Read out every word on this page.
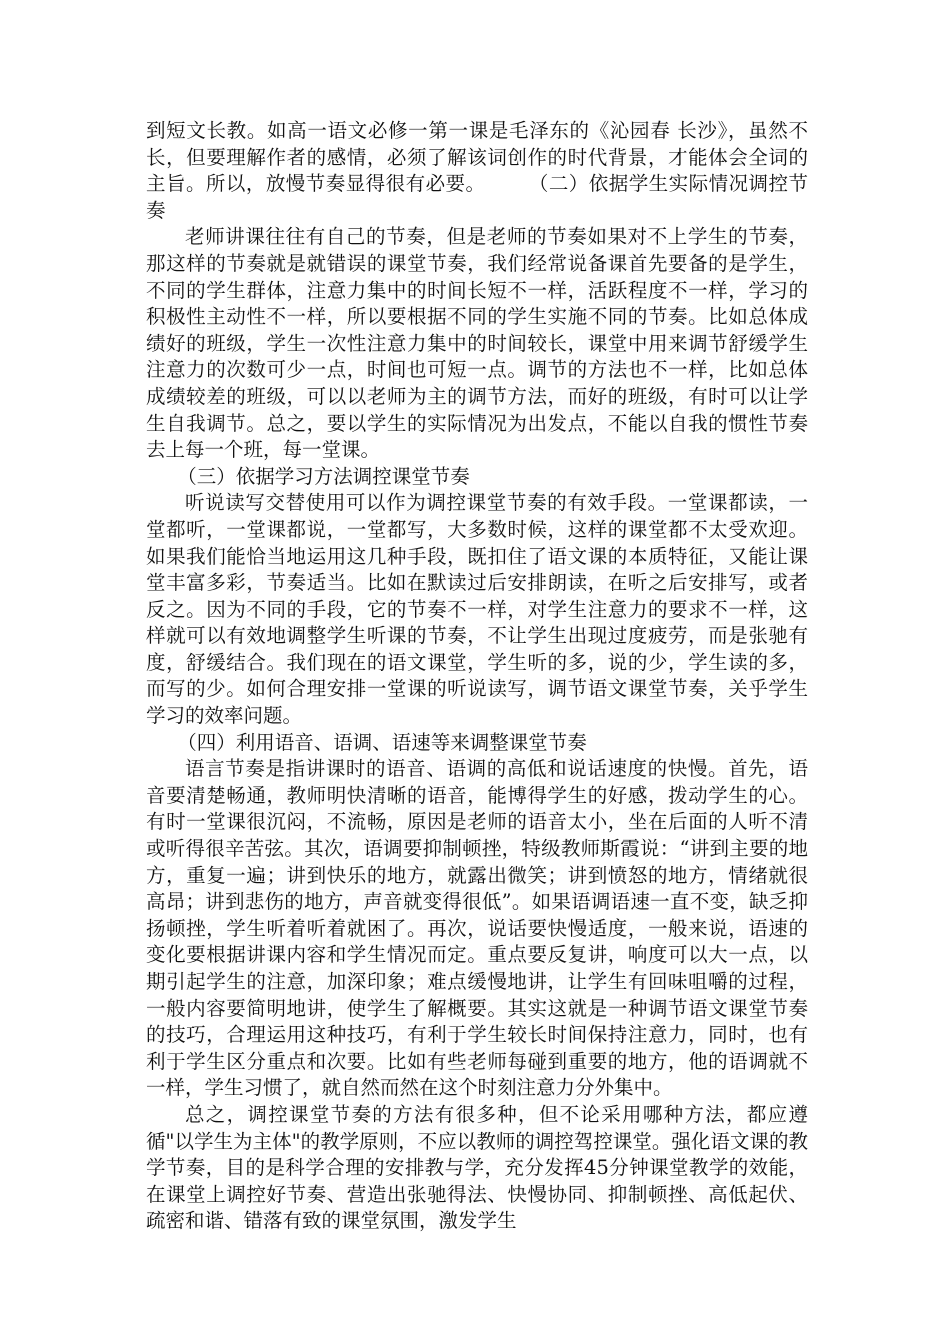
到短文长教。如高一语文必修一第一课是毛泽东的《沁园春 长沙》，虽然不长，但要理解作者的感情，必须了解该词创作的时代背景，才能体会全词的主旨。所以，放慢节奏显得很有必要。 （二）依据学生实际情况调控节奏

老师讲课往往有自己的节奏，但是老师的节奏如果对不上学生的节奏，那这样的节奏就是就错误的课堂节奏，我们经常说备课首先要备的是学生，不同的学生群体，注意力集中的时间长短不一样，活跃程度不一样，学习的积极性主动性不一样，所以要根据不同的学生实施不同的节奏。比如总体成绩好的班级，学生一次性注意力集中的时间较长，课堂中用来调节舒缓学生注意力的次数可少一点，时间也可短一点。调节的方法也不一样，比如总体成绩较差的班级，可以以老师为主的调节方法，而好的班级，有时可以让学生自我调节。总之，要以学生的实际情况为出发点，不能以自我的惯性节奏去上每一个班，每一堂课。

（三）依据学习方法调控课堂节奏

听说读写交替使用可以作为调控课堂节奏的有效手段。一堂课都读，一堂都听，一堂课都说，一堂都写，大多数时候，这样的课堂都不太受欢迎。如果我们能恰当地运用这几种手段，既扣住了语文课的本质特征，又能让课堂丰富多彩，节奏适当。比如在默读过后安排朗读，在听之后安排写，或者反之。因为不同的手段，它的节奏不一样，对学生注意力的要求不一样，这样就可以有效地调整学生听课的节奏，不让学生出现过度疲劳，而是张驰有度，舒缓结合。我们现在的语文课堂，学生听的多，说的少，学生读的多，而写的少。如何合理安排一堂课的听说读写，调节语文课堂节奏，关乎学生学习的效率问题。

（四）利用语音、语调、语速等来调整课堂节奏

语言节奏是指讲课时的语音、语调的高低和说话速度的快慢。首先，语音要清楚畅通，教师明快清晰的语音，能博得学生的好感，拨动学生的心。有时一堂课很沉闷，不流畅，原因是老师的语音太小，坐在后面的人听不清或听得很辛苦弦。其次，语调要抑制顿挫，特级教师斯霞说：“讲到主要的地方，重复一遍；讲到快乐的地方，就露出微笑；讲到愤怒的地方，情绪就很高昂；讲到悲伤的地方，声音就变得很低”。如果语调语速一直不变，缺乏抑扬顿挫，学生听着听着就困了。再次，说话要快慢适度，一般来说，语速的变化要根据讲课内容和学生情况而定。重点要反复讲，响度可以大一点，以期引起学生的注意，加深印象；难点缓慢地讲，让学生有回味咀嚼的过程，一般内容要简明地讲，使学生了解概要。其实这就是一种调节语文课堂节奏的技巧，合理运用这种技巧，有利于学生较长时间保持注意力，同时，也有利于学生区分重点和次要。比如有些老师每碰到重要的地方，他的语调就不一样，学生习惯了，就自然而然在这个时刻注意力分外集中。

总之，调控课堂节奏的方法有很多种，但不论采用哪种方法，都应遵循"以学生为主体"的教学原则，不应以教师的调控驾控课堂。强化语文课的教学节奏，目的是科学合理的安排教与学，充分发挥45分钟课堂教学的效能，在课堂上调控好节奏、营造出张驰得法、快慢协同、抑制顿挫、高低起伏、疏密和谐、错落有致的课堂氛围，激发学生
